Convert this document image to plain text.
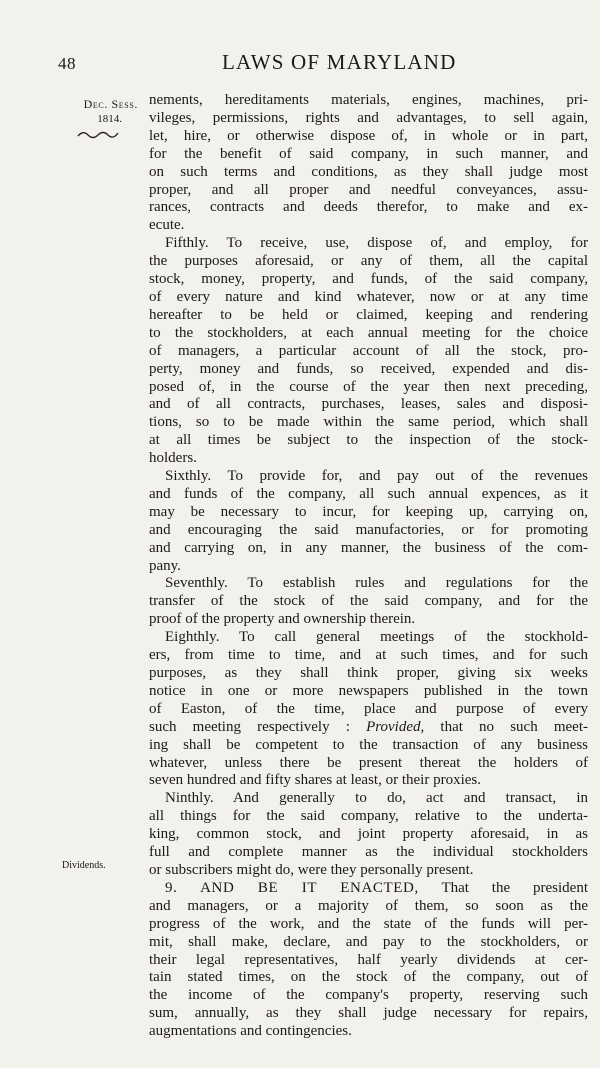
48	LAWS OF MARYLAND
Dec. Sess.
1814.
Dividends.
nements, hereditaments materials, engines, machines, pri-
vileges, permissions, rights and advantages, to sell again,
let, hire, or otherwise dispose of, in whole or in part,
for the benefit of said company, in such manner, and
on such terms and conditions, as they shall judge most
proper, and all proper and needful conveyances, assu-
rances, contracts and deeds therefor, to make and ex-
ecute.
Fifthly. To receive, use, dispose of, and employ, for
the purposes aforesaid, or any of them, all the capital
stock, money, property, and funds, of the said company,
of every nature and kind whatever, now or at any time
hereafter to be held or claimed, keeping and rendering
to the stockholders, at each annual meeting for the choice
of managers, a particular account of all the stock, pro-
perty, money and funds, so received, expended and dis-
posed of, in the course of the year then next preceding,
and of all contracts, purchases, leases, sales and disposi-
tions, so to be made within the same period, which shall
at all times be subject to the inspection of the stock-
holders.
Sixthly. To provide for, and pay out of the revenues
and funds of the company, all such annual expences, as it
may be necessary to incur, for keeping up, carrying on,
and encouraging the said manufactories, or for promoting
and carrying on, in any manner, the business of the com-
pany.
Seventhly. To establish rules and regulations for the
transfer of the stock of the said company, and for the
proof of the property and ownership therein.
Eighthly. To call general meetings of the stockhold-
ers, from time to time, and at such times, and for such
purposes, as they shall think proper, giving six weeks
notice in one or more newspapers published in the town
of Easton, of the time, place and purpose of every
such meeting respectively : Provided, that no such meet-
ing shall be competent to the transaction of any business
whatever, unless there be present thereat the holders of
seven hundred and fifty shares at least, or their proxies.
Ninthly. And generally to do, act and transact, in
all things for the said company, relative to the underta-
king, common stock, and joint property aforesaid, in as
full and complete manner as the individual stockholders
or subscribers might do, were they personally present.
9. AND BE IT ENACTED, That the president
and managers, or a majority of them, so soon as the
progress of the work, and the state of the funds will per-
mit, shall make, declare, and pay to the stockholders, or
their legal representatives, half yearly dividends at cer-
tain stated times, on the stock of the company, out of
the income of the company's property, reserving such
sum, annually, as they shall judge necessary for repairs,
augmentations and contingencies.
